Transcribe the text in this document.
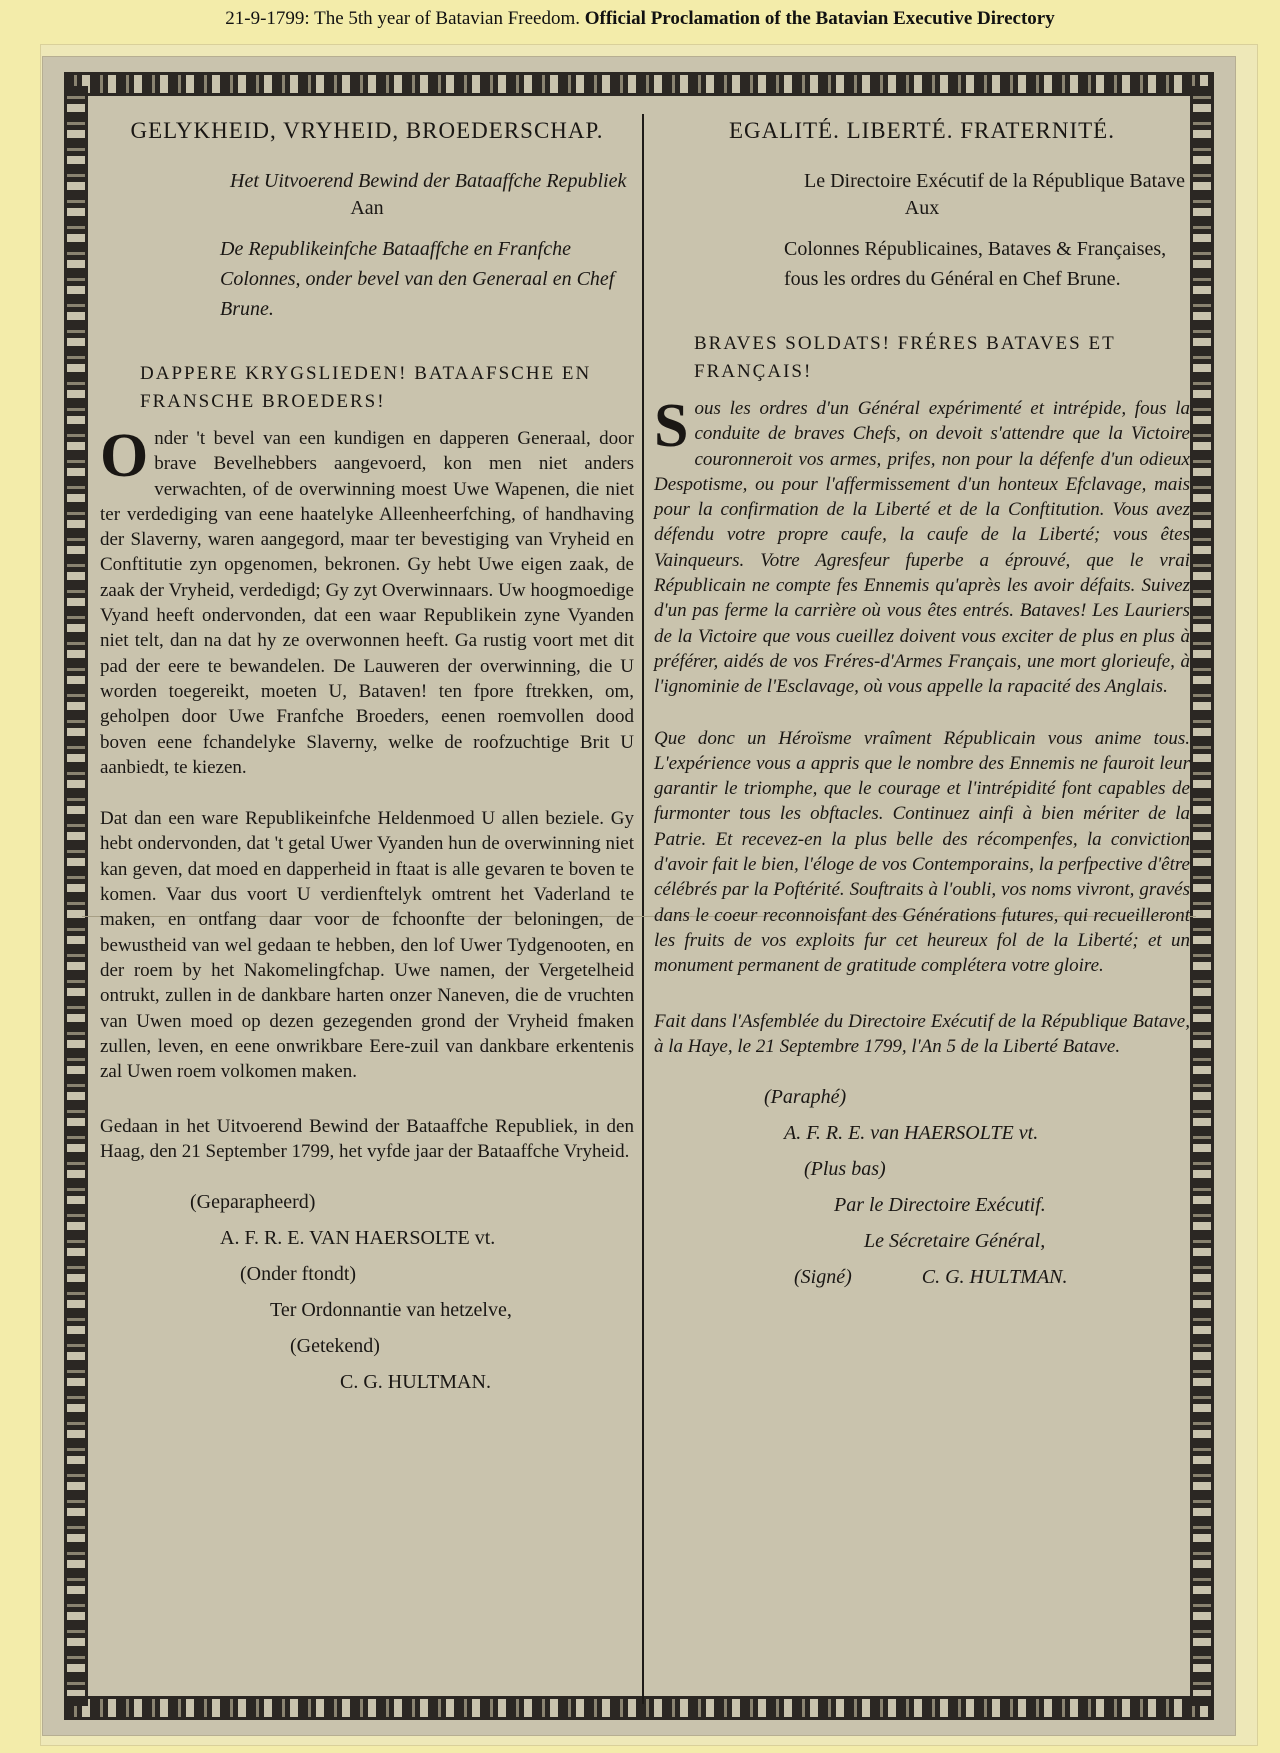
21-9-1799: The 5th year of Batavian Freedom. Official Proclamation of the Batavian Executive Directory
GELYKHEID, VRYHEID, BROEDERSCHAP.
Het Uitvoerend Bewind der Bataaffche Republiek
Aan
De Republikeinfche Bataaffche en Franfche Colonnes, onder bevel van den Generaal en Chef Brune.
DAPPERE KRYGSLIEDEN! BATAAFSCHE EN FRANSCHE BROEDERS!

Onder 't bevel van een kundigen en dapperen Generaal, door brave Bevelhebbers aangevoerd, kon men niet anders verwachten, of de overwinning moest Uwe Wapenen, die niet ter verdediging van eene haatelyke Alleenheerfching, of handhaving der Slaverny, waren aangegord, maar ter bevestiging van Vryheid en Conftitutie zyn opgenomen, bekronen. Gy hebt Uwe eigen zaak, de zaak der Vryheid, verdedigd; Gy zyt Overwinnaars. Uw hoogmoedige Vyand heeft ondervonden, dat een waar Republikein zyne Vyanden niet telt, dan na dat hy ze overwonnen heeft. Ga rustig voort met dit pad der eere te bewandelen. De Lauweren der overwinning, die U worden toegereikt, moeten U, Bataven! ten fpore ftrekken, om, geholpen door Uwe Franfche Broeders, eenen roemvollen dood boven eene fchandelyke Slaverny, welke de roofzuchtige Brit U aanbiedt, te kiezen.

Dat dan een ware Republikeinfche Heldenmoed U allen beziele. Gy hebt ondervonden, dat 't getal Uwer Vyanden hun de overwinning niet kan geven, dat moed en dapperheid in ftaat is alle gevaren te boven te komen. Vaar dus voort U verdienftelyk omtrent het Vaderland te maken, en ontfang daar voor de fchoonfte der beloningen, de bewustheid van wel gedaan te hebben, den lof Uwer Tydgenooten, en der roem by het Nakomelingfchap. Uwe namen, der Vergetelheid ontrukt, zullen in de dankbare harten onzer Naneven, die de vruchten van Uwen moed op dezen gezegenden grond der Vryheid fmaken zullen, leven, en eene onwrikbare Eere-zuil van dankbare erkentenis zal Uwen roem volkomen maken.

Gedaan in het Uitvoerend Bewind der Bataaffche Republiek, in den Haag, den 21 September 1799, het vyfde jaar der Bataaffche Vryheid.
(Geparapheerd)
A. F. R. E. VAN HAERSOLTE vt.
(Onder ftondt)
Ter Ordonnantie van hetzelve,
(Getekend)
C. G. HULTMAN.
EGALITÉ. LIBERTÉ. FRATERNITÉ.
Le Directoire Exécutif de la République Batave
Aux
Colonnes Républicaines, Bataves & Françaises, fous les ordres du Général en Chef Brune.
BRAVES SOLDATS! FRÉRES BATAVES ET FRANÇAIS!

Sous les ordres d'un Général expérimenté et intrépide, fous la conduite de braves Chefs, on devoit s'attendre que la Victoire couronneroit vos armes, prifes, non pour la défenfe d'un odieux Despotisme, ou pour l'affermissement d'un honteux Efclavage, mais pour la confirmation de la Liberté et de la Conftitution. Vous avez défendu votre propre caufe, la caufe de la Liberté; vous êtes Vainqueurs. Votre Agresfeur fuperbe a éprouvé, que le vrai Républicain ne compte fes Ennemis qu'après les avoir défaits. Suivez d'un pas ferme la carrière où vous êtes entrés. Bataves! Les Lauriers de la Victoire que vous cueillez doivent vous exciter de plus en plus à préférer, aidés de vos Fréres-d'Armes Français, une mort glorieufe, à l'ignominie de l'Esclavage, où vous appelle la rapacité des Anglais.

Que donc un Héroïsme vraîment Républicain vous anime tous. L'expérience vous a appris que le nombre des Ennemis ne fauroit leur garantir le triomphe, que le courage et l'intrépidité font capables de furmonter tous les obftacles. Continuez ainfi à bien mériter de la Patrie. Et recevez-en la plus belle des récompenfes, la conviction d'avoir fait le bien, l'éloge de vos Contemporains, la perfpective d'être célébrés par la Poftérité. Souftraits à l'oubli, vos noms vivront, gravés dans le coeur reconnoisfant des Générations futures, qui recueilleront les fruits de vos exploits fur cet heureux fol de la Liberté; et un monument permanent de gratitude complétera votre gloire.

Fait dans l'Asfemblée du Directoire Exécutif de la République Batave, à la Haye, le 21 Septembre 1799, l'An 5 de la Liberté Batave.
(Paraphé)
A. F. R. E. van HAERSOLTE vt.
(Plus bas)
Par le Directoire Exécutif.
Le Sécretaire Général,
(Signé)	C. G. HULTMAN.
